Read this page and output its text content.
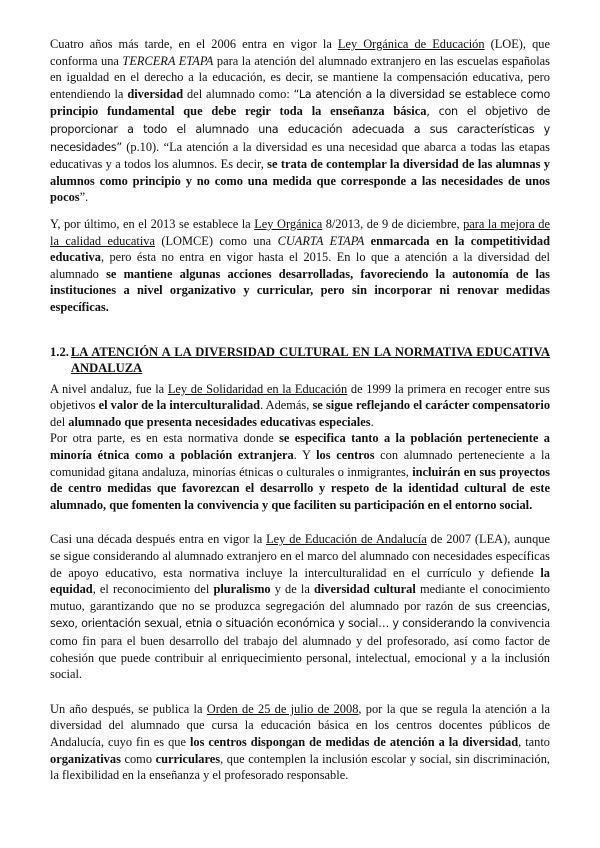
Cuatro años más tarde, en el 2006 entra en vigor la Ley Orgánica de Educación (LOE), que conforma una TERCERA ETAPA para la atención del alumnado extranjero en las escuelas españolas en igualdad en el derecho a la educación, es decir, se mantiene la compensación educativa, pero entendiendo la diversidad del alumnado como: “La atención a la diversidad se establece como principio fundamental que debe regir toda la enseñanza básica, con el objetivo de proporcionar a todo el alumnado una educación adecuada a sus características y necesidades” (p.10). “La atención a la diversidad es una necesidad que abarca a todas las etapas educativas y a todos los alumnos. Es decir, se trata de contemplar la diversidad de las alumnas y alumnos como principio y no como una medida que corresponde a las necesidades de unos pocos”.

Y, por último, en el 2013 se establece la Ley Orgánica 8/2013, de 9 de diciembre, para la mejora de la calidad educativa (LOMCE) como una CUARTA ETAPA enmarcada en la competitividad educativa, pero ésta no entra en vigor hasta el 2015. En lo que a atención a la diversidad del alumnado se mantiene algunas acciones desarrolladas, favoreciendo la autonomía de las instituciones a nivel organizativo y curricular, pero sin incorporar ni renovar medidas específicas.

1.2. LA ATENCIÓN A LA DIVERSIDAD CULTURAL EN LA NORMATIVA EDUCATIVA ANDALUZA

A nivel andaluz, fue la Ley de Solidaridad en la Educación de 1999 la primera en recoger entre sus objetivos el valor de la interculturalidad. Además, se sigue reflejando el carácter compensatorio del alumnado que presenta necesidades educativas especiales.

Por otra parte, es en esta normativa donde se especifica tanto a la población perteneciente a minoría étnica como a población extranjera. Y los centros con alumnado perteneciente a la comunidad gitana andaluza, minorías étnicas o culturales o inmigrantes, incluirán en sus proyectos de centro medidas que favorezcan el desarrollo y respeto de la identidad cultural de este alumnado, que fomenten la convivencia y que faciliten su participación en el entorno social.

Casi una década después entra en vigor la Ley de Educación de Andalucía de 2007 (LEA), aunque se sigue considerando al alumnado extranjero en el marco del alumnado con necesidades específicas de apoyo educativo, esta normativa incluye la interculturalidad en el currículo y defiende la equidad, el reconocimiento del pluralismo y de la diversidad cultural mediante el conocimiento mutuo, garantizando que no se produzca segregación del alumnado por razón de sus creencias, sexo, orientación sexual, etnia o situación económica y social… y considerando la convivencia como fin para el buen desarrollo del trabajo del alumnado y del profesorado, así como factor de cohesión que puede contribuir al enriquecimiento personal, intelectual, emocional y a la inclusión social.

Un año después, se publica la Orden de 25 de julio de 2008, por la que se regula la atención a la diversidad del alumnado que cursa la educación básica en los centros docentes públicos de Andalucía, cuyo fin es que los centros dispongan de medidas de atención a la diversidad, tanto organizativas como curriculares, que contemplen la inclusión escolar y social, sin discriminación, la flexibilidad en la enseñanza y el profesorado responsable.
